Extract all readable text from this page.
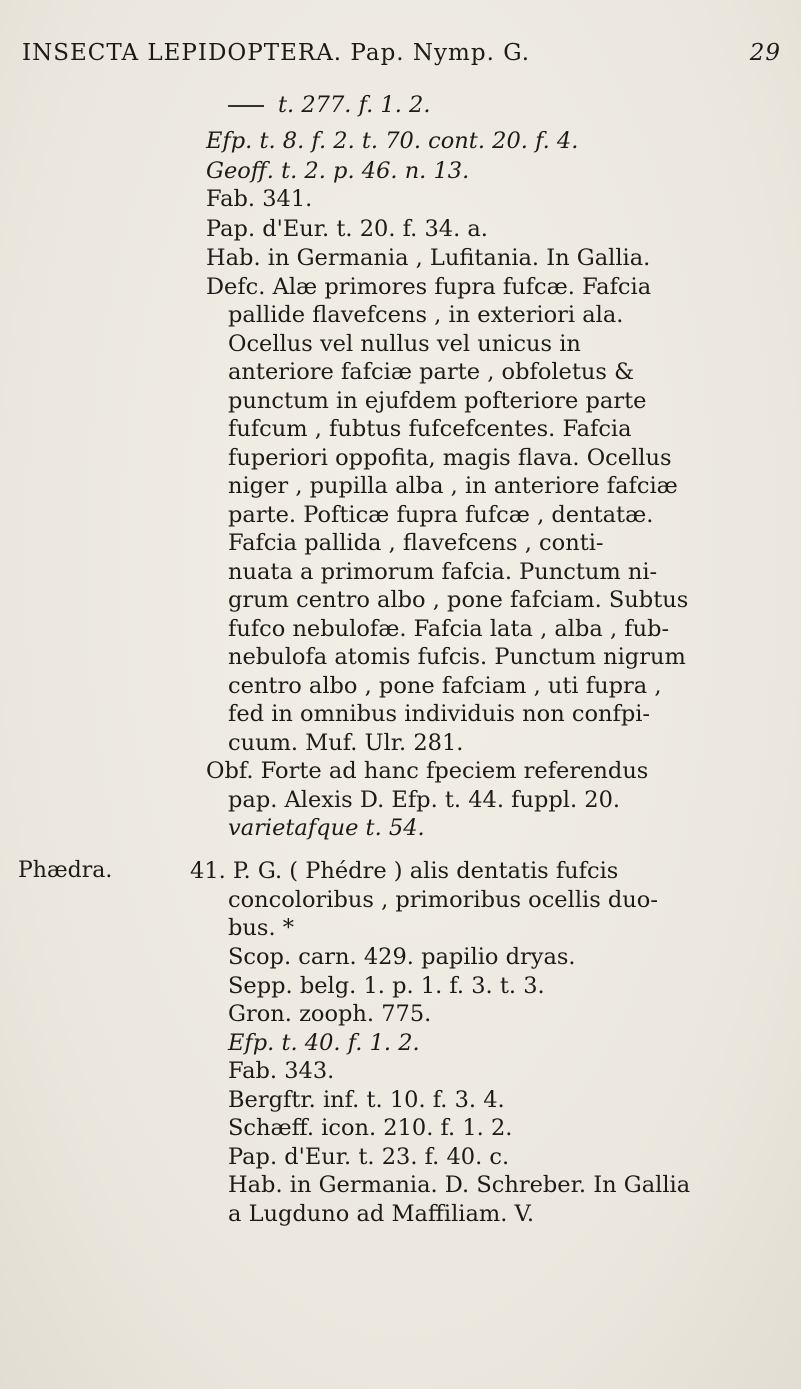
INSECTA LEPIDOPTERA. Pap. Nymp. G.	29
t. 277. f. 1. 2.
Efp. t. 8. f. 2. t. 70. cont. 20. f. 4.
Geoff. t. 2. p. 46. n. 13.
Fab. 341.
Pap. d'Eur. t. 20. f. 34. a.
Hab. in Germania , Lufitania. In Gallia.
Defc. Alæ primores fupra fufcæ. Fafcia
pallide flavefcens , in exteriori ala.
Ocellus vel nullus vel unicus in
anteriore fafciæ parte , obfoletus &
punctum in ejufdem pofteriore parte
fufcum , fubtus fufcefcentes. Fafcia
fuperiori oppofita, magis flava. Ocellus
niger , pupilla alba , in anteriore fafciæ
parte. Pofticæ fupra fufcæ , dentatæ.
Fafcia pallida , flavefcens , conti-
nuata a primorum fafcia. Punctum ni-
grum centro albo , pone fafciam. Subtus
fufco nebulofæ. Fafcia lata , alba , fub-
nebulofa atomis fufcis. Punctum nigrum
centro albo , pone fafciam , uti fupra ,
fed in omnibus individuis non confpi-
cuum. Muf. Ulr. 281.
Obf. Forte ad hanc fpeciem referendus
pap. Alexis D. Efp. t. 44. fuppl. 20.
varietafque t. 54.
Phædra.	41. P. G. ( Phédre ) alis dentatis fufcis
concoloribus , primoribus ocellis duo-
bus. *
Scop. carn. 429. papilio dryas.
Sepp. belg. 1. p. 1. f. 3. t. 3.
Gron. zooph. 775.
Efp. t. 40. f. 1. 2.
Fab. 343.
Bergftr. inf. t. 10. f. 3. 4.
Schæff. icon. 210. f. 1. 2.
Pap. d'Eur. t. 23. f. 40. c.
Hab. in Germania. D. Schreber. In Gallia
a Lugduno ad Maffiliam. V.
